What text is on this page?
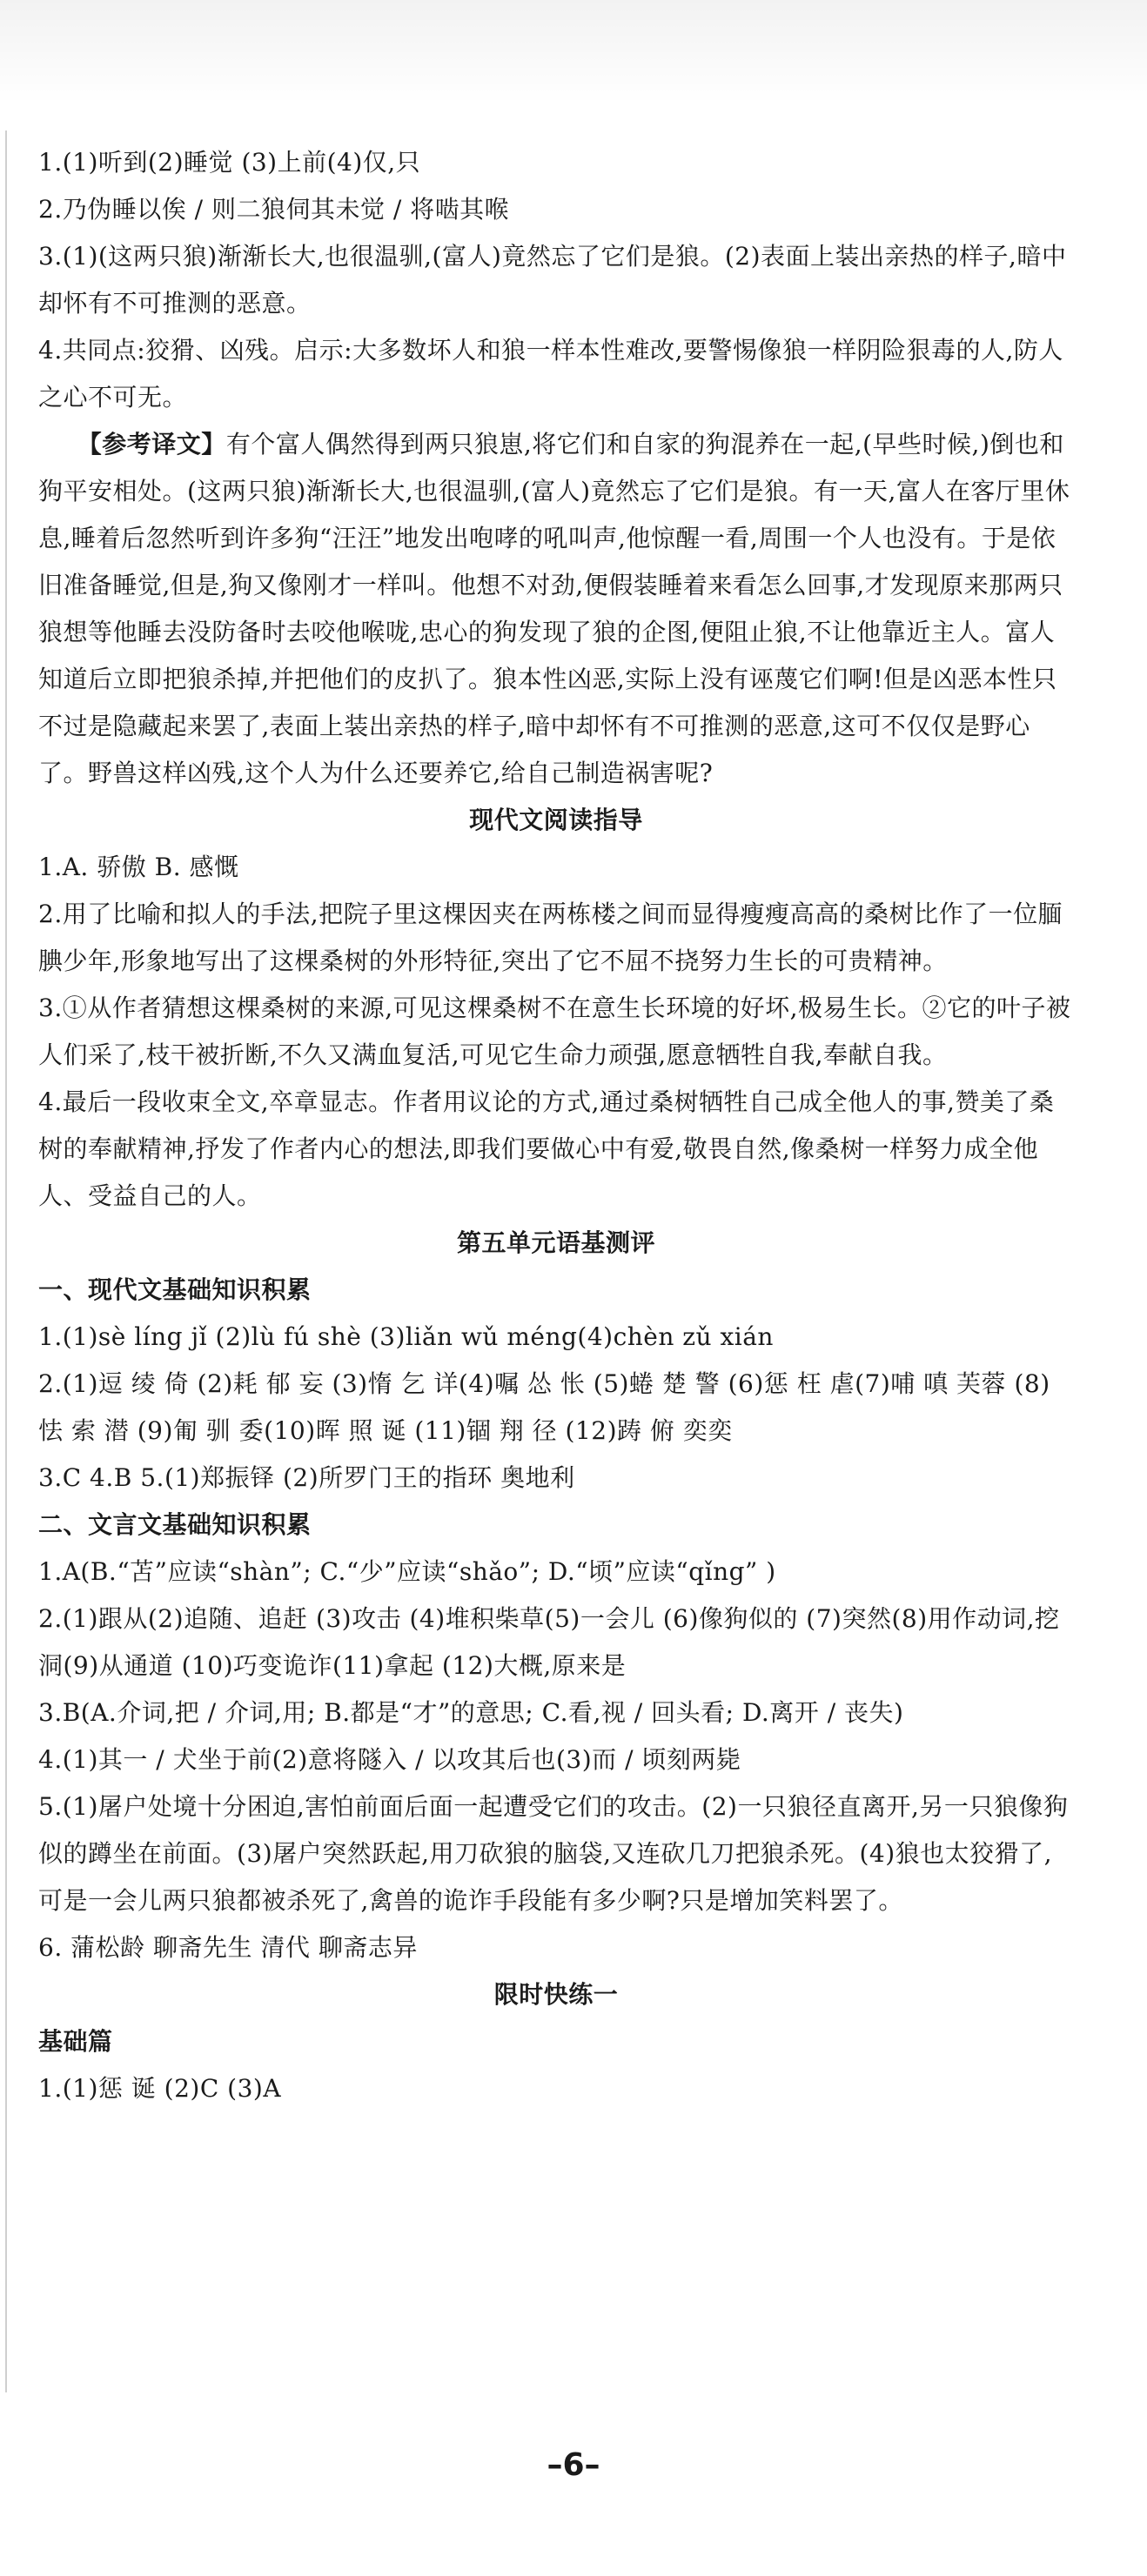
1.(1)听到(2)睡觉 (3)上前(4)仅,只

2.乃伪睡以俟 / 则二狼伺其未觉 / 将啮其喉

3.(1)(这两只狼)渐渐长大,也很温驯,(富人)竟然忘了它们是狼。(2)表面上装出亲热的样子,暗中却怀有不可推测的恶意。

4.共同点:狡猾、凶残。启示:大多数坏人和狼一样本性难改,要警惕像狼一样阴险狠毒的人,防人之心不可无。

【参考译文】有个富人偶然得到两只狼崽,将它们和自家的狗混养在一起,(早些时候,)倒也和狗平安相处。(这两只狼)渐渐长大,也很温驯,(富人)竟然忘了它们是狼。有一天,富人在客厅里休息,睡着后忽然听到许多狗“汪汪”地发出咆哮的吼叫声,他惊醒一看,周围一个人也没有。于是依旧准备睡觉,但是,狗又像刚才一样叫。他想不对劲,便假装睡着来看怎么回事,才发现原来那两只狼想等他睡去没防备时去咬他喉咙,忠心的狗发现了狼的企图,便阻止狼,不让他靠近主人。富人知道后立即把狼杀掉,并把他们的皮扒了。狼本性凶恶,实际上没有诬蔑它们啊!但是凶恶本性只不过是隐藏起来罢了,表面上装出亲热的样子,暗中却怀有不可推测的恶意,这可不仅仅是野心了。野兽这样凶残,这个人为什么还要养它,给自己制造祸害呢?

现代文阅读指导

1.A. 骄傲 B. 感慨

2.用了比喻和拟人的手法,把院子里这棵因夹在两栋楼之间而显得瘦瘦高高的桑树比作了一位腼腆少年,形象地写出了这棵桑树的外形特征,突出了它不屈不挠努力生长的可贵精神。

3.①从作者猜想这棵桑树的来源,可见这棵桑树不在意生长环境的好坏,极易生长。②它的叶子被人们采了,枝干被折断,不久又满血复活,可见它生命力顽强,愿意牺牲自我,奉献自我。

4.最后一段收束全文,卒章显志。作者用议论的方式,通过桑树牺牲自己成全他人的事,赞美了桑树的奉献精神,抒发了作者内心的想法,即我们要做心中有爱,敬畏自然,像桑树一样努力成全他人、受益自己的人。

第五单元语基测评

一、现代文基础知识积累

1.(1)sè líng jǐ (2)lù fú shè (3)liǎn wǔ méng(4)chèn zǔ xián

2.(1)逗 绫 倚 (2)耗 郁 妄 (3)惰 乞 详(4)嘱 怂 怅 (5)蜷 楚 警 (6)惩 枉 虐(7)哺 嗔 芙蓉 (8)怯 索 潜 (9)匍 驯 委(10)晖 照 诞 (11)锢 翔 径 (12)踌 俯 奕奕

3.C 4.B 5.(1)郑振铎 (2)所罗门王的指环 奥地利

二、文言文基础知识积累

1.A(B.“苫”应读“shàn”; C.“少”应读“shǎo”; D.“顷”应读“qǐng” )

2.(1)跟从(2)追随、追赶 (3)攻击 (4)堆积柴草(5)一会儿 (6)像狗似的 (7)突然(8)用作动词,挖洞(9)从通道 (10)巧变诡诈(11)拿起 (12)大概,原来是

3.B(A.介词,把 / 介词,用; B.都是“才”的意思; C.看,视 / 回头看; D.离开 / 丧失)

4.(1)其一 / 犬坐于前(2)意将隧入 / 以攻其后也(3)而 / 顷刻两毙

5.(1)屠户处境十分困迫,害怕前面后面一起遭受它们的攻击。(2)一只狼径直离开,另一只狼像狗似的蹲坐在前面。(3)屠户突然跃起,用刀砍狼的脑袋,又连砍几刀把狼杀死。(4)狼也太狡猾了,可是一会儿两只狼都被杀死了,禽兽的诡诈手段能有多少啊?只是增加笑料罢了。

6. 蒲松龄 聊斋先生 清代 聊斋志异

限时快练一

基础篇

1.(1)惩 诞 (2)C (3)A

–6–
